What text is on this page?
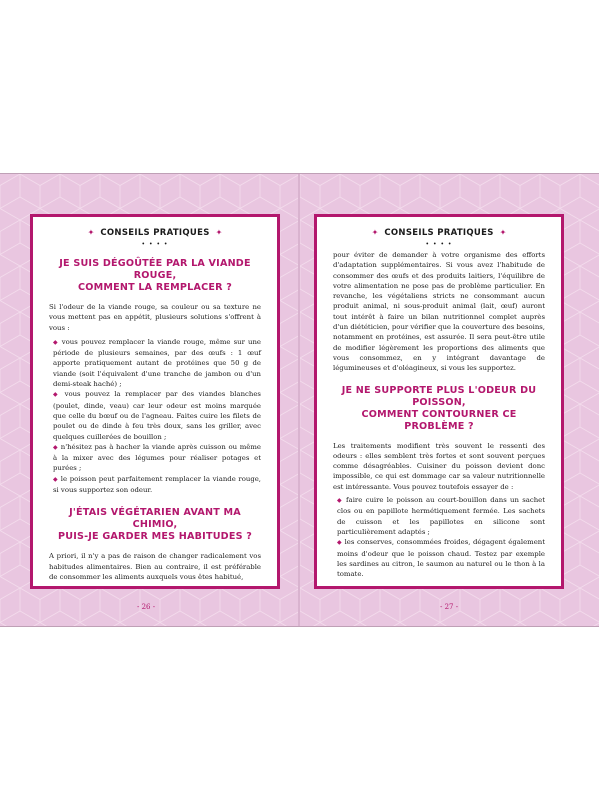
✦ CONSEILS PRATIQUES ✦
• • • •
JE SUIS DÉGOÛTÉE PAR LA VIANDE ROUGE,
COMMENT LA REMPLACER ?

Si l'odeur de la viande rouge, sa couleur ou sa texture ne vous mettent pas en appétit, plusieurs solutions s'offrent à vous :

◆ vous pouvez remplacer la viande rouge, même sur une période de plusieurs semaines, par des œufs : 1 œuf apporte pratiquement autant de protéines que 50 g de viande (soit l'équivalent d'une tranche de jambon ou d'un demi-steak haché) ;

◆ vous pouvez la remplacer par des viandes blanches (poulet, dinde, veau) car leur odeur est moins marquée que celle du bœuf ou de l'agneau. Faites cuire les filets de poulet ou de dinde à feu très doux, sans les griller, avec quelques cuillerées de bouillon ;

◆ n'hésitez pas à hacher la viande après cuisson ou même à la mixer avec des légumes pour réaliser potages et purées ;

◆ le poisson peut parfaitement remplacer la viande rouge, si vous supportez son odeur.

J'ÉTAIS VÉGÉTARIEN AVANT MA CHIMIO,
PUIS-JE GARDER MES HABITUDES ?

A priori, il n'y a pas de raison de changer radicalement vos habitudes alimentaires. Bien au contraire, il est préférable de consommer les aliments auxquels vous êtes habitué,

- 26 -
✦ CONSEILS PRATIQUES ✦
• • • •

pour éviter de demander à votre organisme des efforts d'adaptation supplémentaires. Si vous avez l'habitude de consommer des œufs et des produits laitiers, l'équilibre de votre alimentation ne pose pas de problème particulier. En revanche, les végétaliens stricts ne consommant aucun produit animal, ni sous-produit animal (lait, œuf) auront tout intérêt à faire un bilan nutritionnel complet auprès d'un diététicien, pour vérifier que la couverture des besoins, notamment en protéines, est assurée. Il sera peut-être utile de modifier légèrement les proportions des aliments que vous consommez, en y intégrant davantage de légumineuses et d'oléagineux, si vous les supportez.

JE NE SUPPORTE PLUS L'ODEUR DU POISSON,
COMMENT CONTOURNER CE PROBLÈME ?

Les traitements modifient très souvent le ressenti des odeurs : elles semblent très fortes et sont souvent perçues comme désagréables. Cuisiner du poisson devient donc impossible, ce qui est dommage car sa valeur nutritionnelle est intéressante. Vous pouvez toutefois essayer de :

◆ faire cuire le poisson au court-bouillon dans un sachet clos ou en papillote hermétiquement fermée. Les sachets de cuisson et les papillotes en silicone sont particulièrement adaptés ;

◆ les conserves, consommées froides, dégagent également moins d'odeur que le poisson chaud. Testez par exemple les sardines au citron, le saumon au naturel ou le thon à la tomate.

- 27 -
